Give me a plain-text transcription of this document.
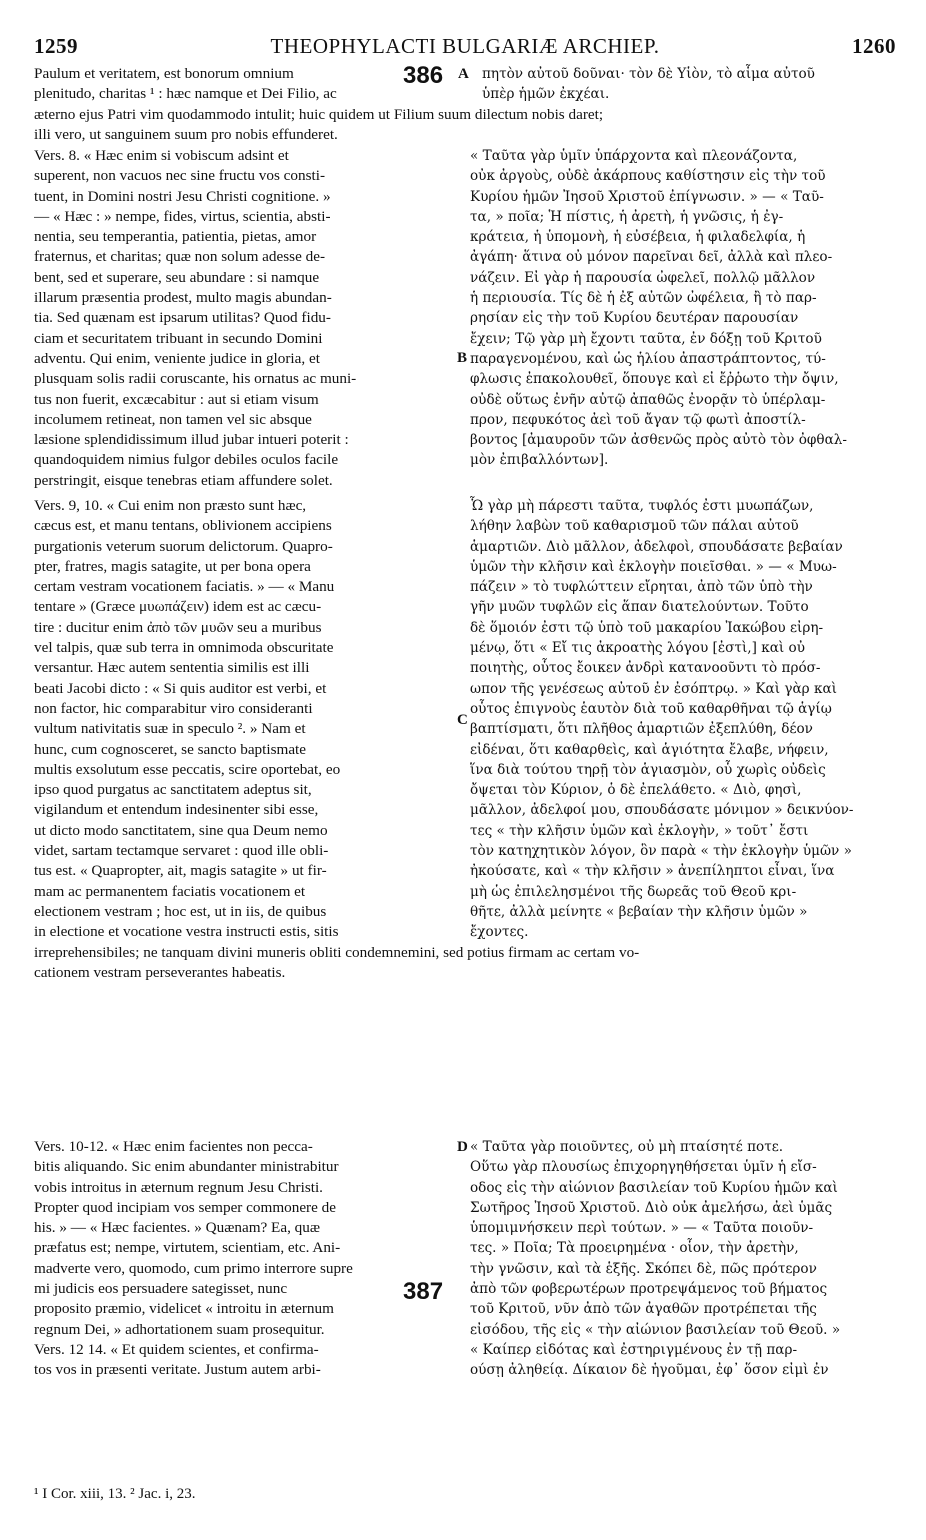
1259	THEOPHYLACTI BULGARIÆ ARCHIEP.	1260
Paulum et veritatem, est bonorum omnium
plenitudo, charitas ¹ : hæc namque et Dei Filio, ac
æterno ejus Patri vim quodammodo intulit; huic quidem ut Filium suum dilectum nobis daret;
illi vero, ut sanguinem suum pro nobis effunderet.
πητὸν αὐτοῦ δοῦναι· τὸν δὲ Υἱὸν, τὸ αἷμα αὐτοῦ
ὑπὲρ ἡμῶν ἐκχέαι.
386 A
Vers. 8. « Hæc enim si vobiscum adsint et
superent, non vacuos nec sine fructu vos consti-
tuent, in Domini nostri Jesu Christi cognitione. »
— « Hæc : » nempe, fides, virtus, scientia, absti-
nentia, seu temperantia, patientia, pietas, amor
fraternus, et charitas; quæ non solum adesse de-
bent, sed et superare, seu abundare : si namque
illarum præsentia prodest, multo magis abundan-
tia. Sed quænam est ipsarum utilitas? Quod fidu-
ciam et securitatem tribuant in secundo Domini
adventu. Qui enim, veniente judice in gloria, et
plusquam solis radii coruscante, his ornatus ac muni-
tus non fuerit, excæcabitur : aut si etiam visum
incolumem retineat, non tamen vel sic absque
læsione splendidissimum illud jubar intueri poterit :
quandoquidem nimius fulgor debiles oculos facile
perstringit, eisque tenebras etiam affundere solet.
« Ταῦτα γὰρ ὑμῖν ὑπάρχοντα καὶ πλεονάζοντα,
οὐκ ἀργοὺς, οὐδὲ ἀκάρπους καθίστησιν εἰς τὴν τοῦ
Κυρίου ἡμῶν Ἰησοῦ Χριστοῦ ἐπίγνωσιν. » — « Ταῦ-
τα, » ποῖα; Ἡ πίστις, ἡ ἀρετὴ, ἡ γνῶσις, ἡ ἐγ-
κράτεια, ἡ ὑπομονὴ, ἡ εὐσέβεια, ἡ φιλαδελφία, ἡ
ἀγάπη· ἅτινα οὐ μόνον παρεῖναι δεῖ, ἀλλὰ καὶ πλεο-
νάζειν. Εἰ γὰρ ἡ παρουσία ὠφελεῖ, πολλῷ μᾶλλον
ἡ περιουσία. Τίς δὲ ἡ ἐξ αὐτῶν ὠφέλεια, ἢ τὸ παρ-
ρησίαν εἰς τὴν τοῦ Κυρίου δευτέραν παρουσίαν
ἔχειν; Τῷ γὰρ μὴ ἔχοντι ταῦτα, ἐν δόξῃ τοῦ Κριτοῦ
παραγενομένου, καὶ ὡς ἡλίου ἀπαστράπτοντος, τύ-
φλωσις ἐπακολουθεῖ, ὅπουγε καὶ εἰ ἔῤῥωτο τὴν ὄψιν,
οὐδὲ οὕτως ἐνῆν αὐτῷ ἀπαθῶς ἐνορᾷν τὸ ὑπέρλαμ-
προν, πεφυκότος ἀεὶ τοῦ ἄγαν τῷ φωτὶ ἀποστίλ-
βοντος [ἀμαυροῦν τῶν ἀσθενῶς πρὸς αὐτὸ τὸν ὀφθαλ-
μὸν ἐπιβαλλόντων].
B
Vers. 9, 10. « Cui enim non præsto sunt hæc,
cæcus est, et manu tentans, oblivionem accipiens
purgationis veterum suorum delictorum. Quapro-
pter, fratres, magis satagite, ut per bona opera
certam vestram vocationem faciatis. » — « Manu
tentare » (Græce μυωπάζειν) idem est ac cæcu-
tire : ducitur enim ἀπὸ τῶν μυῶν seu a muribus
vel talpis, quæ sub terra in omnimoda obscuritate
versantur. Hæc autem sententia similis est illi
beati Jacobi dicto : « Si quis auditor est verbi, et
non factor, hic comparabitur viro consideranti
vultum nativitatis suæ in speculo ². » Nam et
hunc, cum cognosceret, se sancto baptismate
multis exsolutum esse peccatis, scire oportebat, eo
ipso quod purgatus ac sanctitatem adeptus sit,
vigilandum et entendum indesinenter sibi esse,
ut dicto modo sanctitatem, sine qua Deum nemo
videt, sartam tectamque servaret : quod ille obli-
tus est. « Quapropter, ait, magis satagite » ut fir-
mam ac permanentem faciatis vocationem et
electionem vestram ; hoc est, ut in iis, de quibus
in electione et vocatione vestra instructi estis, sitis
irreprehensibiles; ne tanquam divini muneris obliti condemnemini, sed potius firmam ac certam vo-
cationem vestram perseverantes habeatis.
Ὧ γὰρ μὴ πάρεστι ταῦτα, τυφλός ἐστι μυωπάζων,
λήθην λαβὼν τοῦ καθαρισμοῦ τῶν πάλαι αὐτοῦ
ἁμαρτιῶν. Διὸ μᾶλλον, ἀδελφοὶ, σπουδάσατε βεβαίαν
ὑμῶν τὴν κλῆσιν καὶ ἐκλογὴν ποιεῖσθαι. » — « Μυω-
πάζειν » τὸ τυφλώττειν εἴρηται, ἀπὸ τῶν ὑπὸ τὴν
γῆν μυῶν τυφλῶν εἰς ἅπαν διατελούντων. Τοῦτο
δὲ ὅμοιόν ἐστι τῷ ὑπὸ τοῦ μακαρίου Ἰακώβου εἰρη-
μένῳ, ὅτι « Εἴ τις ἀκροατὴς λόγου [ἐστὶ,] καὶ οὐ
ποιητὴς, οὗτος ἔοικεν ἀνδρὶ κατανοοῦντι τὸ πρόσ-
ωπον τῆς γενέσεως αὐτοῦ ἐν ἐσόπτρῳ. » Καὶ γὰρ καὶ
οὗτος ἐπιγνοὺς ἑαυτὸν διὰ τοῦ καθαρθῆναι τῷ ἁγίῳ
βαπτίσματι, ὅτι πλῆθος ἁμαρτιῶν ἐξεπλύθη, δέον
εἰδέναι, ὅτι καθαρθεὶς, καὶ ἁγιότητα ἔλαβε, νήφειν,
ἵνα διὰ τούτου τηρῇ τὸν ἁγιασμὸν, οὗ χωρὶς οὐδεὶς
ὄψεται τὸν Κύριον, ὁ δὲ ἐπελάθετο. « Διὸ, φησὶ,
μᾶλλον, ἀδελφοί μου, σπουδάσατε μόνιμον » δεικνύον-
τες « τὴν κλῆσιν ὑμῶν καὶ ἐκλογὴν, » τοῦτ᾽ ἔστι
τὸν κατηχητικὸν λόγον, ὃν παρὰ « τὴν ἐκλογὴν ὑμῶν »
ἠκούσατε, καὶ « τὴν κλῆσιν » ἀνεπίληπτοι εἶναι, ἵνα
μὴ ὡς ἐπιλελησμένοι τῆς δωρεᾶς τοῦ Θεοῦ κρι-
θῆτε, ἀλλὰ μείνητε « βεβαίαν τὴν κλῆσιν ὑμῶν »
ἔχοντες.
C
Vers. 10-12. « Hæc enim facientes non pecca-
bitis aliquando. Sic enim abundanter ministrabitur
vobis introitus in æternum regnum Jesu Christi.
Propter quod incipiam vos semper commonere de
his. » — « Hæc facientes. » Quænam? Ea, quæ
præfatus est; nempe, virtutem, scientiam, etc. Ani-
madverte vero, quomodo, cum primo interrore supre
mi judicis eos persuadere sategisset, nunc
proposito præmio, videlicet « introitu in æternum
regnum Dei, » adhortationem suam prosequitur.
Vers. 12 14. « Et quidem scientes, et confirma-
tos vos in præsenti veritate. Justum autem arbi-
« Ταῦτα γὰρ ποιοῦντες, οὐ μὴ πταίσητέ ποτε.
Οὕτω γὰρ πλουσίως ἐπιχορηγηθήσεται ὑμῖν ἡ εἴσ-
οδος εἰς τὴν αἰώνιον βασιλείαν τοῦ Κυρίου ἡμῶν καὶ
Σωτῆρος Ἰησοῦ Χριστοῦ. Διὸ οὐκ ἀμελήσω, ἀεὶ ὑμᾶς
ὑπομιμνήσκειν περὶ τούτων. » — « Ταῦτα ποιοῦν-
τες. » Ποῖα; Τὰ προειρημένα · οἷον, τὴν ἀρετὴν,
τὴν γνῶσιν, καὶ τὰ ἑξῆς. Σκόπει δὲ, πῶς πρότερον
ἀπὸ τῶν φοβερωτέρων προτρεψάμενος τοῦ βήματος
τοῦ Κριτοῦ, νῦν ἀπὸ τῶν ἀγαθῶν προτρέπεται τῆς
εἰσόδου, τῆς εἰς « τὴν αἰώνιον βασιλείαν τοῦ Θεοῦ. »
« Καίπερ εἰδότας καὶ ἐστηριγμένους ἐν τῇ παρ-
ούσῃ ἀληθείᾳ. Δίκαιον δὲ ἡγοῦμαι, ἐφ᾽ ὅσον εἰμὶ ἐν
D
387
¹ I Cor. xiii, 13. ² Jac. i, 23.
